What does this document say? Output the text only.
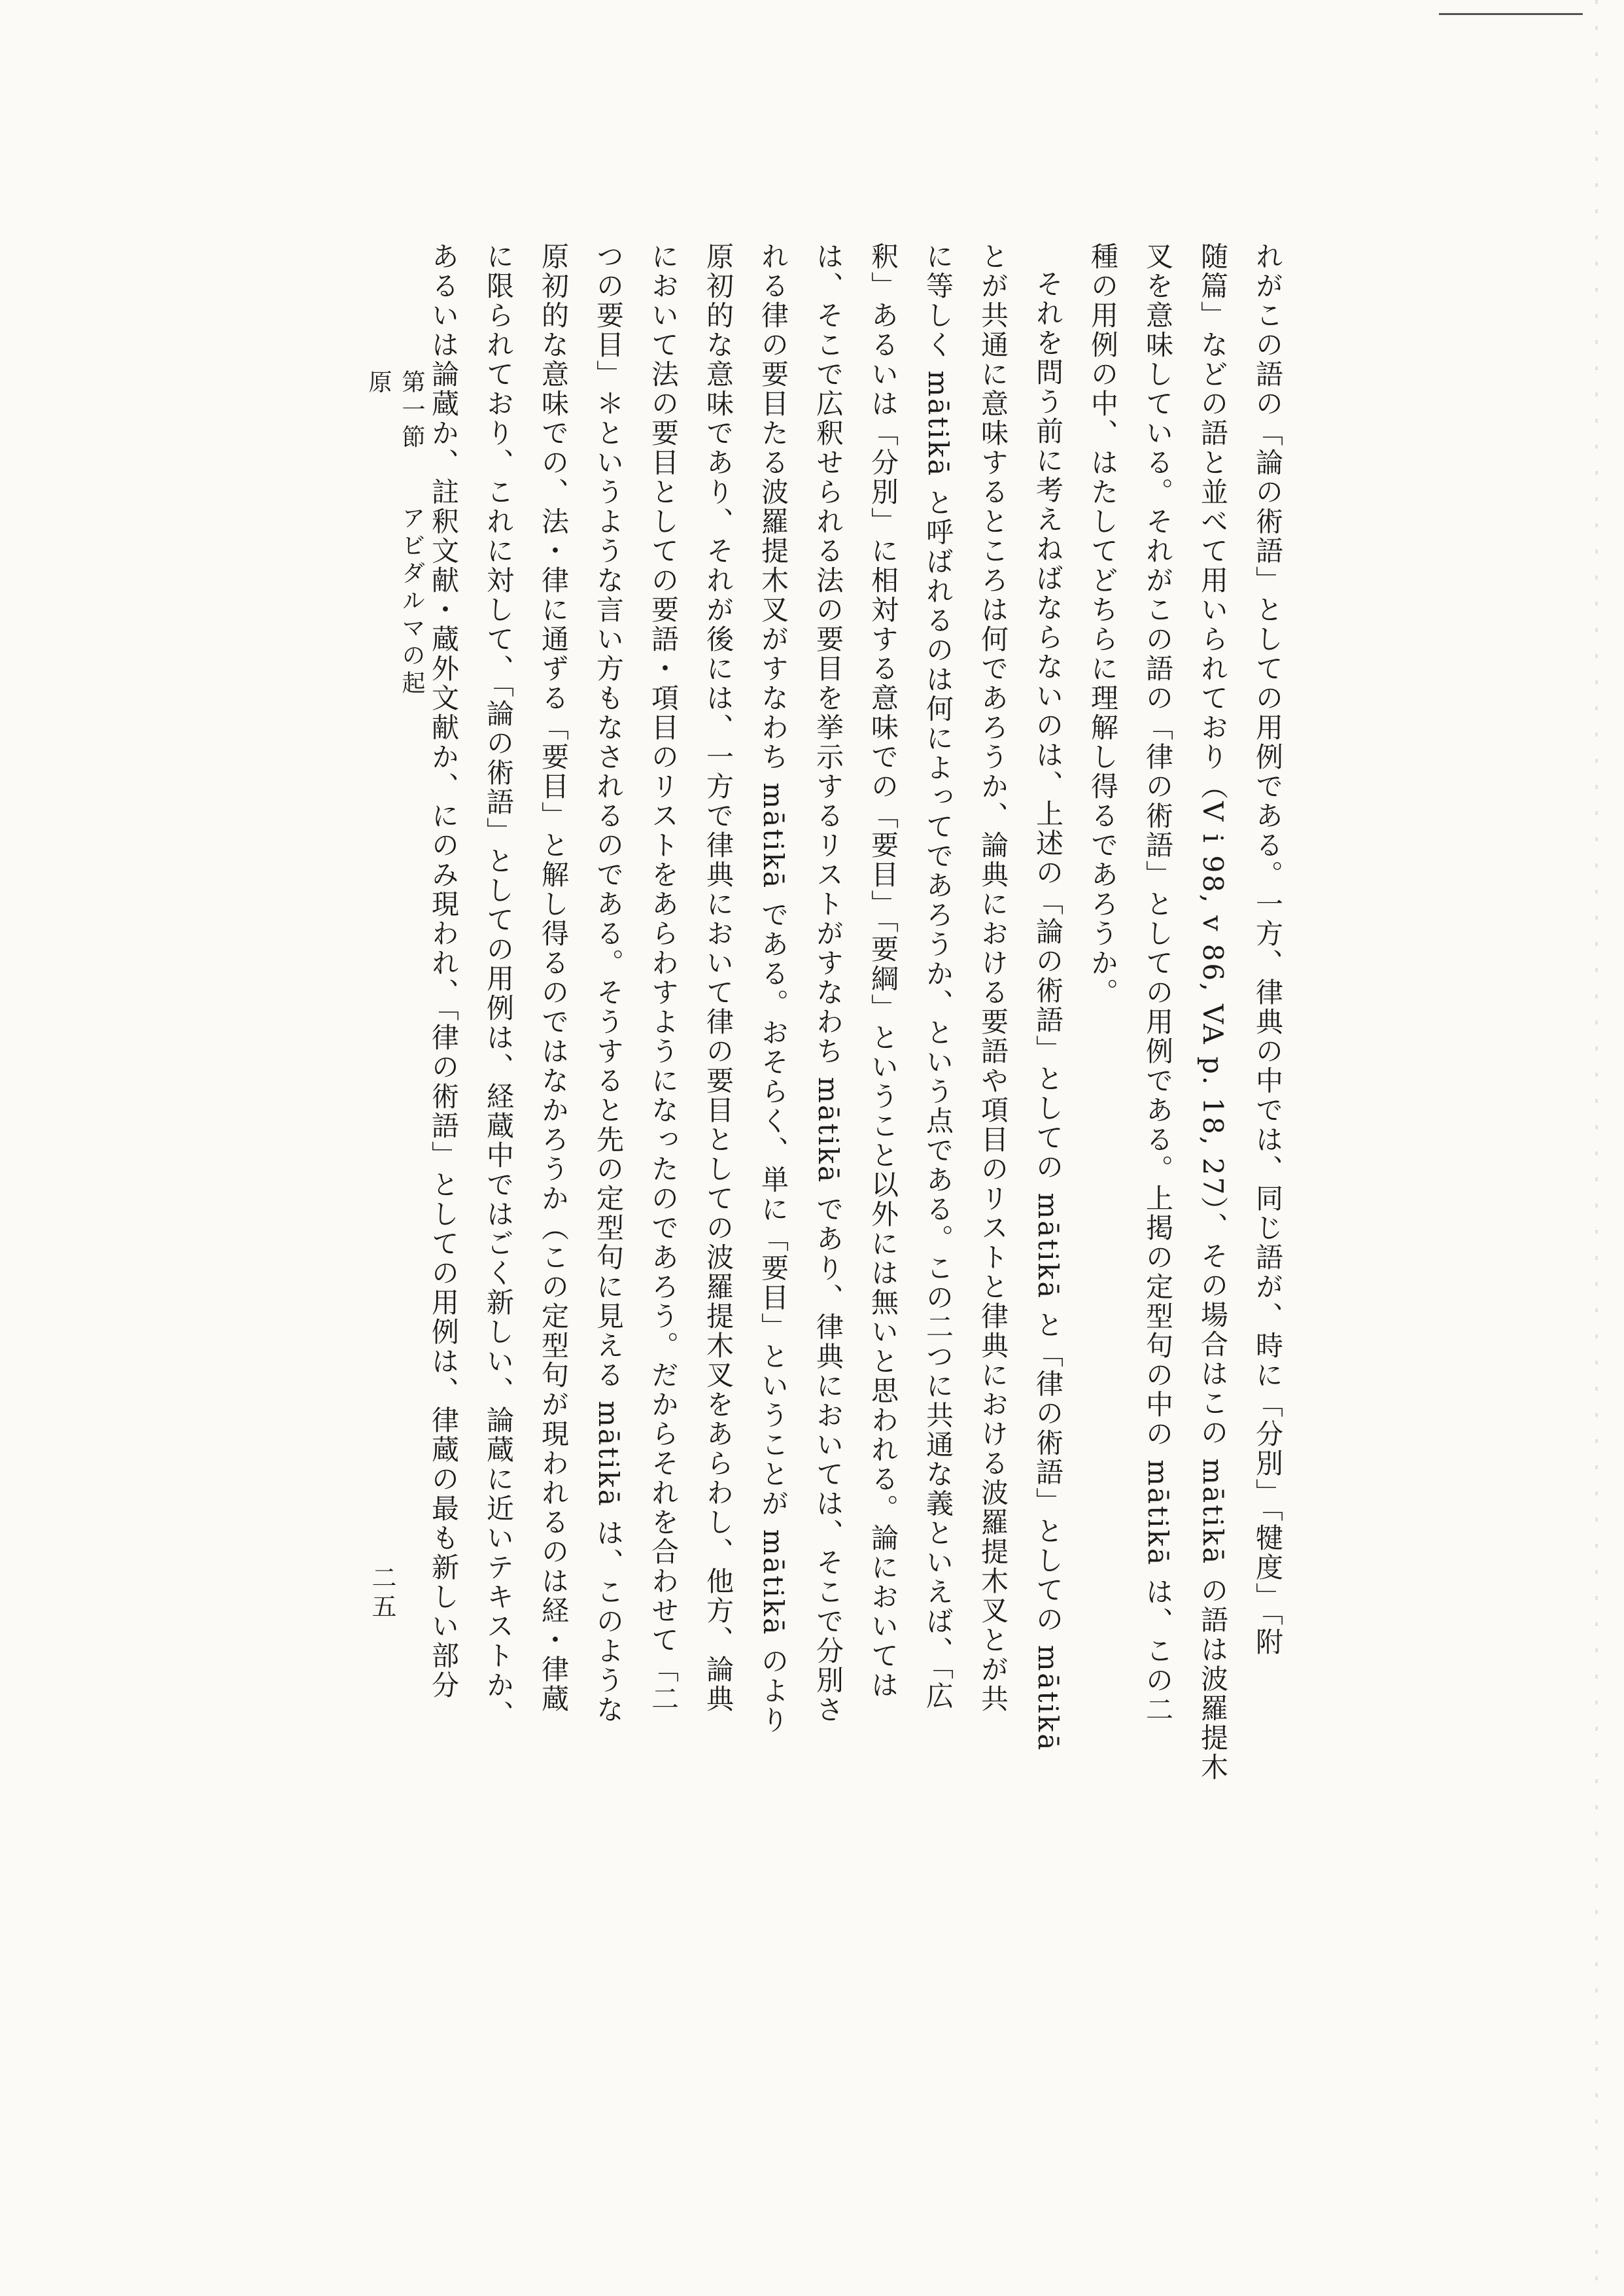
れがこの語の「論の術語」としての用例である。一方、律典の中では、同じ語が、時に「分別」「犍度」「附
随篇」などの語と並べて用いられており（V i 98, v 86, VA p. 18, 27）、その場合はこの mātikā の語は波羅提木
叉を意味している。それがこの語の「律の術語」としての用例である。上掲の定型句の中の mātikā は、この二
種の用例の中、はたしてどちらに理解し得るであろうか。
それを問う前に考えねばならないのは、上述の「論の術語」としての mātikā と「律の術語」としての mātikā
とが共通に意味するところは何であろうか、論典における要語や項目のリストと律典における波羅提木叉とが共
に等しく mātikā と呼ばれるのは何によってであろうか、という点である。この二つに共通な義といえば、「広
釈」あるいは「分別」に相対する意味での「要目」「要綱」ということ以外には無いと思われる。論においては
は、そこで広釈せられる法の要目を挙示するリストがすなわち mātikā であり、律典においては、そこで分別さ
れる律の要目たる波羅提木叉がすなわち mātikā である。おそらく、単に「要目」ということが mātikā のより
原初的な意味であり、それが後には、一方で律典において律の要目としての波羅提木叉をあらわし、他方、論典
において法の要目としての要語・項目のリストをあらわすようになったのであろう。だからそれを合わせて「二
つの要目」＊というような言い方もなされるのである。そうすると先の定型句に見える mātikā は、このような
原初的な意味での、法・律に通ずる「要目」と解し得るのではなかろうか（この定型句が現われるのは経・律蔵
に限られており、これに対して、「論の術語」としての用例は、経蔵中ではごく新しい、論蔵に近いテキストか、
あるいは論蔵か、註釈文献・蔵外文献か、にのみ現われ、「律の術語」としての用例は、律蔵の最も新しい部分
第一節　アビダルマの起原
二五
